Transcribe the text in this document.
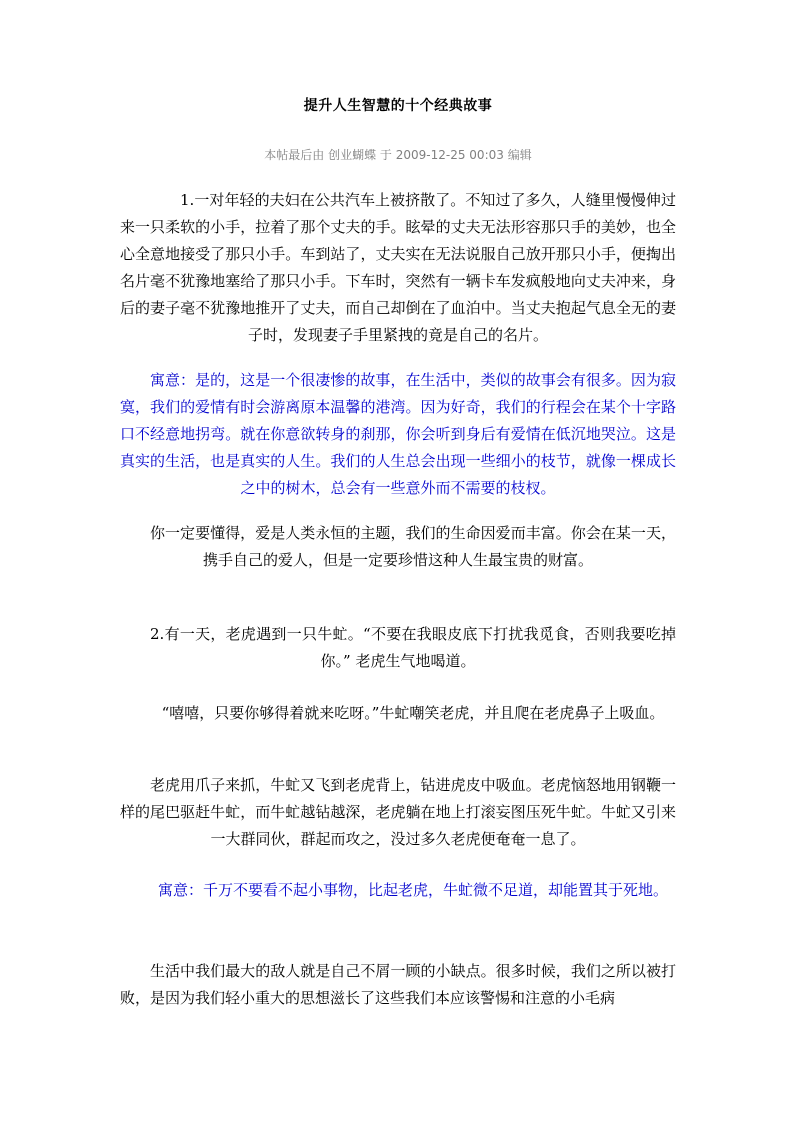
提升人生智慧的十个经典故事
本帖最后由 创业蝴蝶 于 2009-12-25 00:03 编辑
1.一对年轻的夫妇在公共汽车上被挤散了。不知过了多久，人缝里慢慢伸过来一只柔软的小手，拉着了那个丈夫的手。眩晕的丈夫无法形容那只手的美妙，也全心全意地接受了那只小手。车到站了，丈夫实在无法说服自己放开那只小手，便掏出名片毫不犹豫地塞给了那只小手。下车时，突然有一辆卡车发疯般地向丈夫冲来，身后的妻子毫不犹豫地推开了丈夫，而自己却倒在了血泊中。当丈夫抱起气息全无的妻子时，发现妻子手里紧拽的竟是自己的名片。
寓意：是的，这是一个很凄惨的故事，在生活中，类似的故事会有很多。因为寂寞，我们的爱情有时会游离原本温馨的港湾。因为好奇，我们的行程会在某个十字路口不经意地拐弯。就在你意欲转身的刹那，你会听到身后有爱情在低沉地哭泣。这是真实的生活，也是真实的人生。我们的人生总会出现一些细小的枝节，就像一棵成长之中的树木，总会有一些意外而不需要的枝杈。
你一定要懂得，爱是人类永恒的主题，我们的生命因爱而丰富。你会在某一天，携手自己的爱人，但是一定要珍惜这种人生最宝贵的财富。
2.有一天，老虎遇到一只牛虻。“不要在我眼皮底下打扰我觅食，否则我要吃掉你。” 老虎生气地喝道。
“嘻嘻，只要你够得着就来吃呀。”牛虻嘲笑老虎，并且爬在老虎鼻子上吸血。
老虎用爪子来抓，牛虻又飞到老虎背上，钻进虎皮中吸血。老虎恼怒地用钢鞭一样的尾巴驱赶牛虻，而牛虻越钻越深，老虎躺在地上打滚妄图压死牛虻。牛虻又引来一大群同伙，群起而攻之，没过多久老虎便奄奄一息了。
寓意：千万不要看不起小事物，比起老虎，牛虻微不足道，却能置其于死地。
生活中我们最大的敌人就是自己不屑一顾的小缺点。很多时候，我们之所以被打败，是因为我们轻小重大的思想滋长了这些我们本应该警惕和注意的小毛病
